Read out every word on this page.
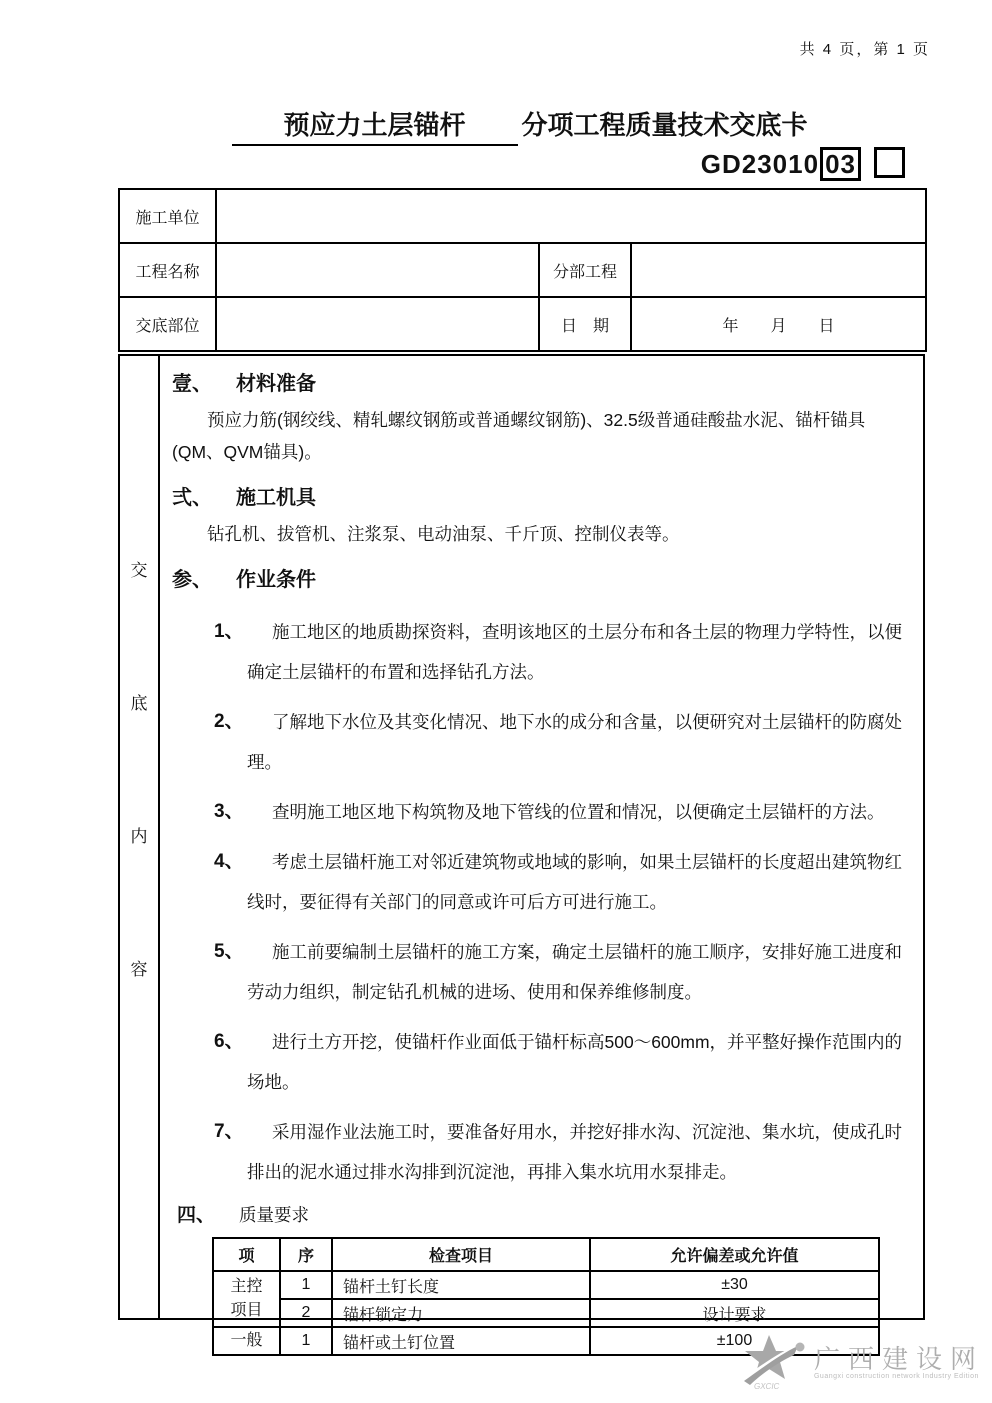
共 4 页，第 1 页
预应力土层锚杆 分项工程质量技术交底卡
GD23010 03
施工单位			
工程名称		分部工程	
交底部位		日　期	年　　月　　日
交
底
内
容
壹、 材料准备

预应力筋(钢绞线、精轧螺纹钢筋或普通螺纹钢筋)、32.5级普通硅酸盐水泥、锚杆锚具(QM、QVM锚具)。

弍、 施工机具

钻孔机、拔管机、注浆泵、电动油泵、千斤顶、控制仪表等。

参、 作业条件
1、 施工地区的地质勘探资料，查明该地区的土层分布和各土层的物理力学特性，以便确定土层锚杆的布置和选择钻孔方法。
2、 了解地下水位及其变化情况、地下水的成分和含量，以便研究对土层锚杆的防腐处理。
3、 查明施工地区地下构筑物及地下管线的位置和情况，以便确定土层锚杆的方法。
4、 考虑土层锚杆施工对邻近建筑物或地域的影响，如果土层锚杆的长度超出建筑物红线时，要征得有关部门的同意或许可后方可进行施工。
5、 施工前要编制土层锚杆的施工方案，确定土层锚杆的施工顺序，安排好施工进度和劳动力组织，制定钻孔机械的进场、使用和保养维修制度。
6、 进行土方开挖，使锚杆作业面低于锚杆标高500～600mm，并平整好操作范围内的场地。
7、 采用湿作业法施工时，要准备好用水，并挖好排水沟、沉淀池、集水坑，使成孔时排出的泥水通过排水沟排到沉淀池，再排入集水坑用水泵排走。
四、 质量要求
项	序	检查项目	允许偏差或允许值
主控项目	1	锚杆土钉长度	±30
	2	锚杆锁定力	设计要求
一般	1	锚杆或土钉位置	±100
GXCIC
广西建设网
Guangxi construction network Industry Edition
